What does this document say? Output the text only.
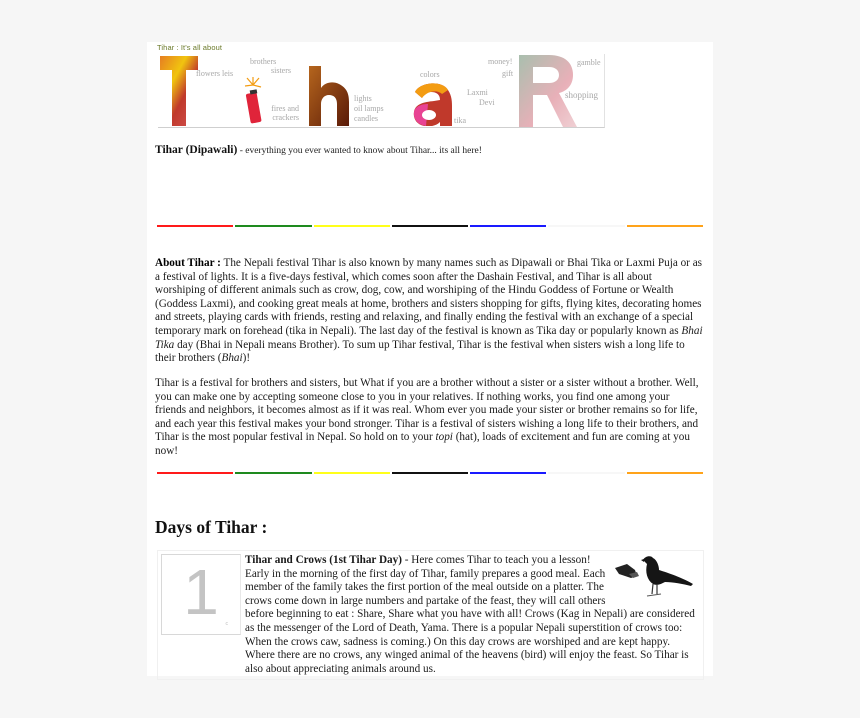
Tihar : It's all about
flowers leis
brothers
sisters
fires and crackers
lights
oil lamps
candles
colors
Laxmi
Devi
tika
money!
gift
gamble
shopping
Tihar (Dipawali) - everything you ever wanted to know about Tihar... its all here!

About Tihar : The Nepali festival Tihar is also known by many names such as Dipawali or Bhai Tika or Laxmi Puja or as a festival of lights. It is a five-days festival, which comes soon after the Dashain Festival, and Tihar is all about worshiping of different animals such as crow, dog, cow, and worshiping of the Hindu Goddess of Fortune or Wealth (Goddess Laxmi), and cooking great meals at home, brothers and sisters shopping for gifts, flying kites, decorating homes and streets, playing cards with friends, resting and relaxing, and finally ending the festival with an exchange of a special temporary mark on forehead (tika in Nepali). The last day of the festival is known as Tika day or popularly known as Bhai Tika day (Bhai in Nepali means Brother). To sum up Tihar festival, Tihar is the festival when sisters wish a long life to their brothers (Bhai)!

Tihar is a festival for brothers and sisters, but What if you are a brother without a sister or a sister without a brother. Well, you can make one by accepting someone close to you in your relatives. If nothing works, you find one among your friends and neighbors, it becomes almost as if it was real. Whom ever you made your sister or brother remains so for life, and each year this festival makes your bond stronger. Tihar is a festival of sisters wishing a long life to their brothers, and Tihar is the most popular festival in Nepal. So hold on to your topi (hat), loads of excitement and fun are coming at you now!

Days of Tihar :
1	c
Tihar and Crows (1st Tihar Day) - Here comes Tihar to teach you a lesson! Early in the morning of the first day of Tihar, family prepares a good meal. Each member of the family takes the first portion of the meal outside on a platter. The crows come down in large numbers and partake of the feast, they will call others before beginning to eat : Share, Share what you have with all! Crows (Kag in Nepali) are considered as the messenger of the Lord of Death, Yama. There is a popular Nepali superstition of crows too: When the crows caw, sadness is coming.) On this day crows are worshiped and are kept happy. Where there are no crows, any winged animal of the heavens (bird) will enjoy the feast. So Tihar is also about appreciating animals around us.
